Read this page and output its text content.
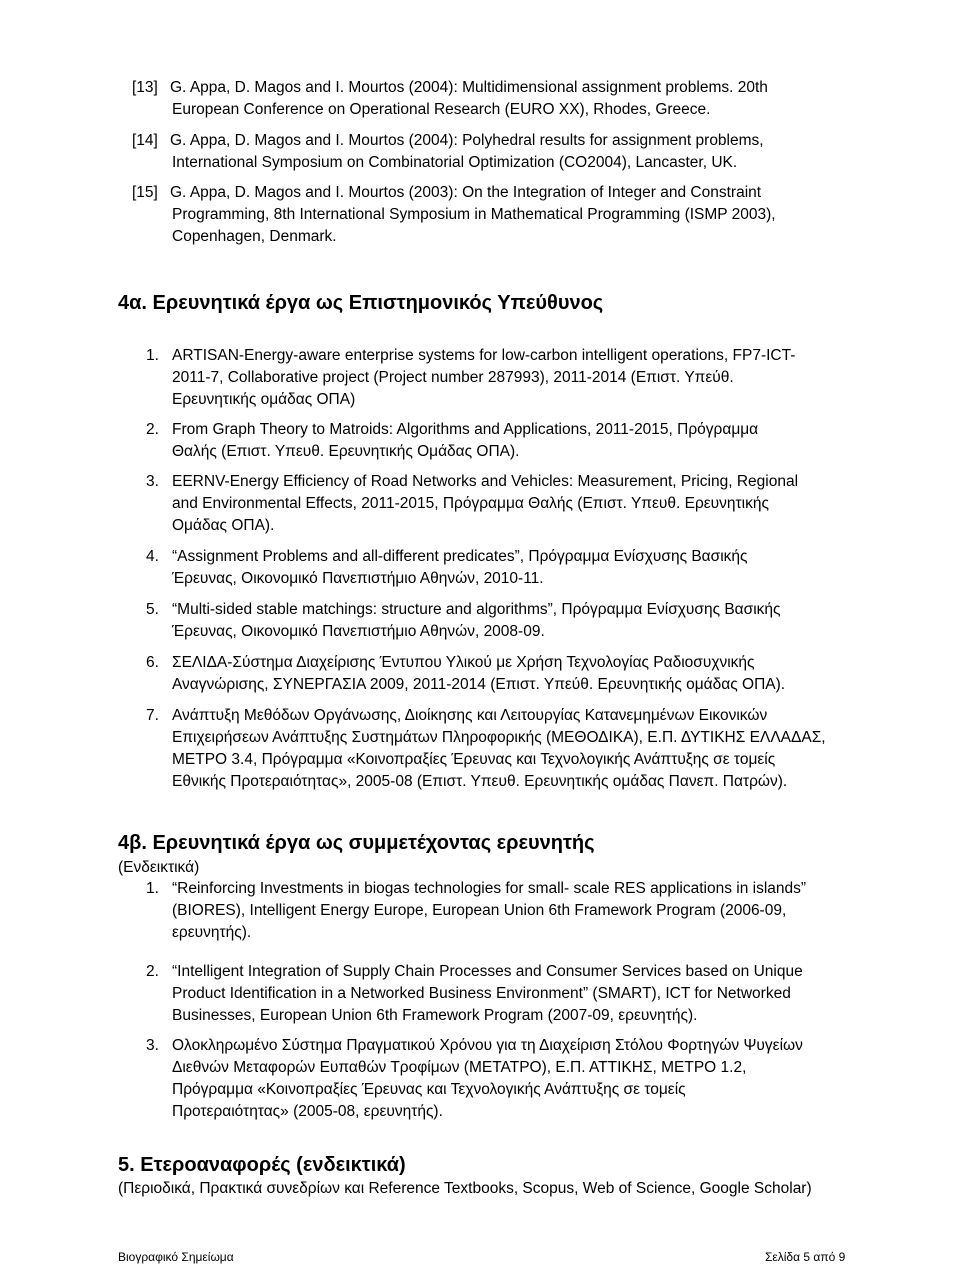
[13] G. Appa, D. Magos and I. Mourtos (2004): Multidimensional assignment problems. 20th
European Conference on Operational Research (EURO XX), Rhodes, Greece.
[14] G. Appa, D. Magos and I. Mourtos (2004): Polyhedral results for assignment problems,
International Symposium on Combinatorial Optimization (CO2004), Lancaster, UK.
[15] G. Appa, D. Magos and I. Mourtos (2003): On the Integration of Integer and Constraint
Programming, 8th International Symposium in Mathematical Programming (ISMP 2003),
Copenhagen, Denmark.
4α. Ερευνητικά έργα ως Επιστημονικός Υπεύθυνος
1. ARTISAN-Energy-aware enterprise systems for low-carbon intelligent operations, FP7-ICT-
2011-7, Collaborative project (Project number 287993), 2011-2014 (Επιστ. Υπεύθ.
Ερευνητικής ομάδας ΟΠΑ)
2. From Graph Theory to Matroids: Algorithms and Applications, 2011-2015, Πρόγραμμα
Θαλής (Επιστ. Υπευθ. Ερευνητικής Ομάδας ΟΠΑ).
3. EERNV-Energy Efficiency of Road Networks and Vehicles: Measurement, Pricing, Regional
and Environmental Effects, 2011-2015, Πρόγραμμα Θαλής (Επιστ. Υπευθ. Ερευνητικής
Ομάδας ΟΠΑ).
4. “Assignment Problems and all-different predicates”, Πρόγραμμα Ενίσχυσης Βασικής
Έρευνας, Οικονομικό Πανεπιστήμιο Αθηνών, 2010-11.
5. “Multi-sided stable matchings: structure and algorithms”, Πρόγραμμα Ενίσχυσης Βασικής
Έρευνας, Οικονομικό Πανεπιστήμιο Αθηνών, 2008-09.
6. ΣΕΛΙΔΑ-Σύστημα Διαχείρισης Έντυπου Υλικού με Χρήση Τεχνολογίας Ραδιοσυχνικής
Αναγνώρισης, ΣΥΝΕΡΓΑΣΙΑ 2009, 2011-2014 (Επιστ. Υπεύθ. Ερευνητικής ομάδας ΟΠΑ).
7. Ανάπτυξη Μεθόδων Οργάνωσης, Διοίκησης και Λειτουργίας Κατανεμημένων Εικονικών
Επιχειρήσεων Ανάπτυξης Συστημάτων Πληροφορικής (ΜΕΘΟΔΙΚΑ), Ε.Π. ΔΥΤΙΚΗΣ ΕΛΛΑΔΑΣ,
ΜΕΤΡΟ 3.4, Πρόγραμμα «Κοινοπραξίες Έρευνας και Τεχνολογικής Ανάπτυξης σε τομείς
Εθνικής Προτεραιότητας», 2005-08 (Επιστ. Υπευθ. Ερευνητικής ομάδας Πανεπ. Πατρών).
4β. Ερευνητικά έργα ως συμμετέχοντας ερευνητής
(Ενδεικτικά)
1. “Reinforcing Investments in biogas technologies for small- scale RES applications in islands”
(BIORES), Intelligent Energy Europe, European Union 6th Framework Program (2006-09,
ερευνητής).
2. “Intelligent Integration of Supply Chain Processes and Consumer Services based on Unique
Product Identification in a Networked Business Environment” (SMART), ICT for Networked
Businesses, European Union 6th Framework Program (2007-09, ερευνητής).
3. Ολοκληρωμένο Σύστημα Πραγματικού Χρόνου για τη Διαχείριση Στόλου Φορτηγών Ψυγείων
Διεθνών Μεταφορών Ευπαθών Τροφίμων (ΜΕΤΑΤΡΟ), Ε.Π. ΑΤΤΙΚΗΣ, ΜΕΤΡΟ 1.2,
Πρόγραμμα «Κοινοπραξίες Έρευνας και Τεχνολογικής Ανάπτυξης σε τομείς
Προτεραιότητας» (2005-08, ερευνητής).
5. Ετεροαναφορές (ενδεικτικά)
(Περιοδικά, Πρακτικά συνεδρίων και Reference Textbooks, Scopus, Web of Science, Google Scholar)
Βιογραφικό Σημείωμα	Σελίδα 5 από 9
